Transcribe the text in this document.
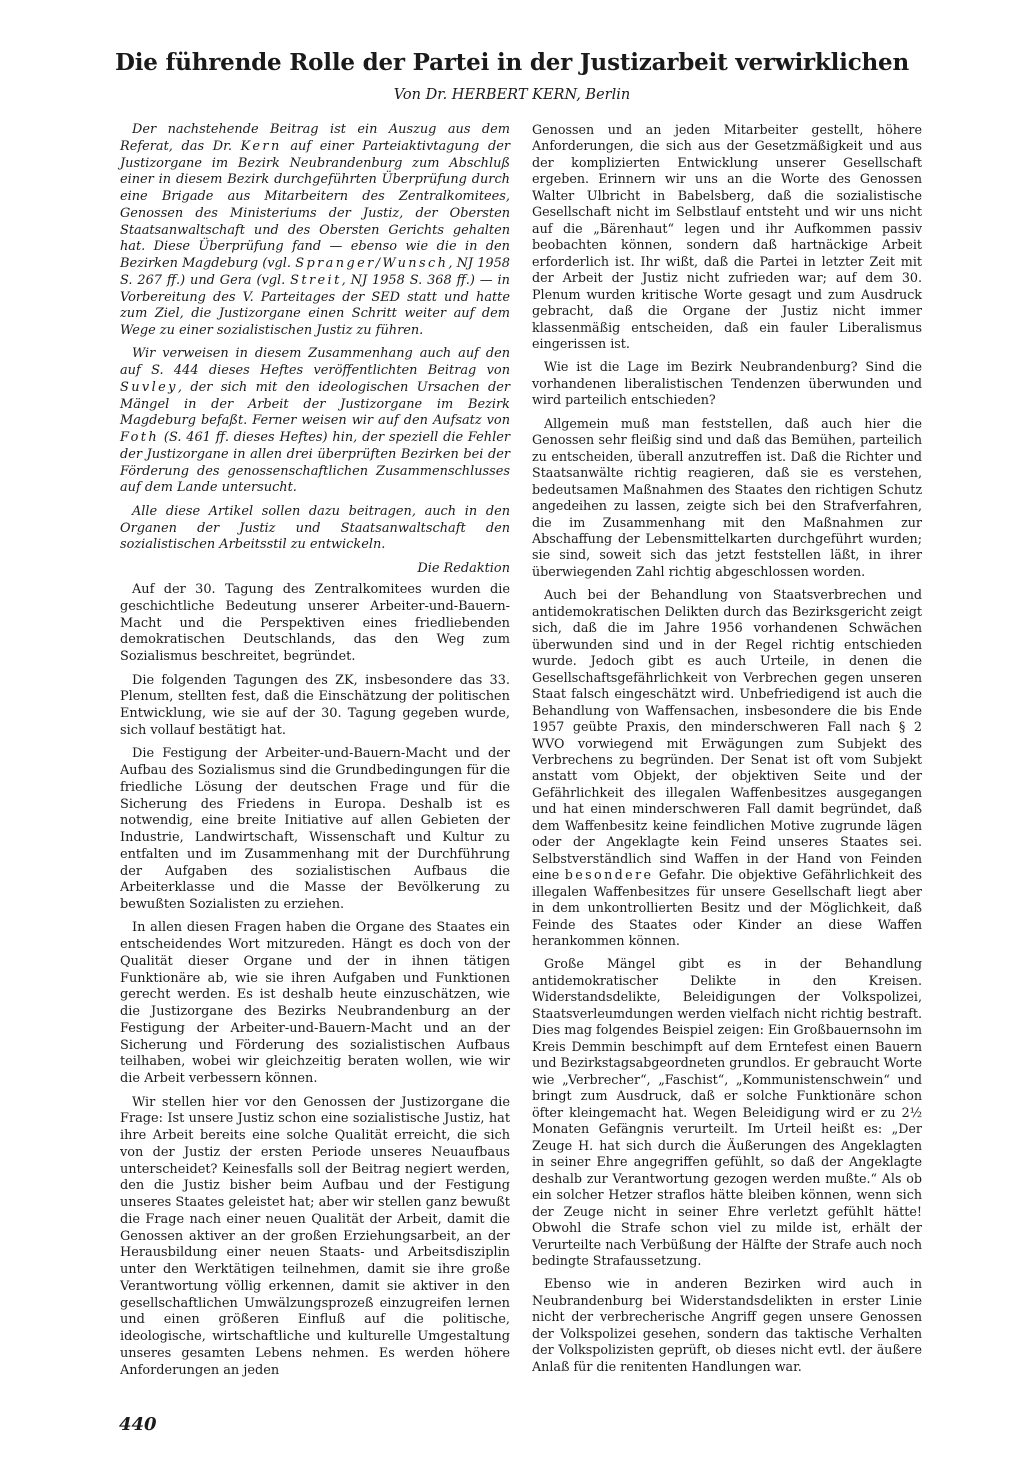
Die führende Rolle der Partei in der Justizarbeit verwirklichen
Von Dr. HERBERT KERN, Berlin

Der nachstehende Beitrag ist ein Auszug aus dem Referat, das Dr. Kern auf einer Parteiaktivtagung der Justizorgane im Bezirk Neubrandenburg zum Abschluß einer in diesem Bezirk durchgeführten Überprüfung durch eine Brigade aus Mitarbeitern des Zentralkomitees, Genossen des Ministeriums der Justiz, der Obersten Staatsanwaltschaft und des Obersten Gerichts gehalten hat. Diese Überprüfung fand — ebenso wie die in den Bezirken Magdeburg (vgl. Spranger/Wunsch, NJ 1958 S. 267 ff.) und Gera (vgl. Streit, NJ 1958 S. 368 ff.) — in Vorbereitung des V. Parteitages der SED statt und hatte zum Ziel, die Justizorgane einen Schritt weiter auf dem Wege zu einer sozialistischen Justiz zu führen.

Wir verweisen in diesem Zusammenhang auch auf den auf S. 444 dieses Heftes veröffentlichten Beitrag von Suvley, der sich mit den ideologischen Ursachen der Mängel in der Arbeit der Justizorgane im Bezirk Magdeburg befaßt. Ferner weisen wir auf den Aufsatz von Foth (S. 461 ff. dieses Heftes) hin, der speziell die Fehler der Justizorgane in allen drei überprüften Bezirken bei der Förderung des genossenschaftlichen Zusammenschlusses auf dem Lande untersucht.

Alle diese Artikel sollen dazu beitragen, auch in den Organen der Justiz und Staatsanwaltschaft den sozialistischen Arbeitsstil zu entwickeln.

Die Redaktion

Auf der 30. Tagung des Zentralkomitees wurden die geschichtliche Bedeutung unserer Arbeiter-und-Bauern-Macht und die Perspektiven eines friedliebenden demokratischen Deutschlands, das den Weg zum Sozialismus beschreitet, begründet.

Die folgenden Tagungen des ZK, insbesondere das 33. Plenum, stellten fest, daß die Einschätzung der politischen Entwicklung, wie sie auf der 30. Tagung gegeben wurde, sich vollauf bestätigt hat.

Die Festigung der Arbeiter-und-Bauern-Macht und der Aufbau des Sozialismus sind die Grundbedingungen für die friedliche Lösung der deutschen Frage und für die Sicherung des Friedens in Europa. Deshalb ist es notwendig, eine breite Initiative auf allen Gebieten der Industrie, Landwirtschaft, Wissenschaft und Kultur zu entfalten und im Zusammenhang mit der Durchführung der Aufgaben des sozialistischen Aufbaus die Arbeiterklasse und die Masse der Bevölkerung zu bewußten Sozialisten zu erziehen.

In allen diesen Fragen haben die Organe des Staates ein entscheidendes Wort mitzureden. Hängt es doch von der Qualität dieser Organe und der in ihnen tätigen Funktionäre ab, wie sie ihren Aufgaben und Funktionen gerecht werden. Es ist deshalb heute einzuschätzen, wie die Justizorgane des Bezirks Neubrandenburg an der Festigung der Arbeiter-und-Bauern-Macht und an der Sicherung und Förderung des sozialistischen Aufbaus teilhaben, wobei wir gleichzeitig beraten wollen, wie wir die Arbeit verbessern können.

Wir stellen hier vor den Genossen der Justizorgane die Frage: Ist unsere Justiz schon eine sozialistische Justiz, hat ihre Arbeit bereits eine solche Qualität erreicht, die sich von der Justiz der ersten Periode unseres Neuaufbaus unterscheidet? Keinesfalls soll der Beitrag negiert werden, den die Justiz bisher beim Aufbau und der Festigung unseres Staates geleistet hat; aber wir stellen ganz bewußt die Frage nach einer neuen Qualität der Arbeit, damit die Genossen aktiver an der großen Erziehungsarbeit, an der Herausbildung einer neuen Staats- und Arbeitsdisziplin unter den Werktätigen teilnehmen, damit sie ihre große Verantwortung völlig erkennen, damit sie aktiver in den gesellschaftlichen Umwälzungsprozeß einzugreifen lernen und einen größeren Einfluß auf die politische, ideologische, wirtschaftliche und kulturelle Umgestaltung unseres gesamten Lebens nehmen. Es werden höhere Anforderungen an jeden

Genossen und an jeden Mitarbeiter gestellt, höhere Anforderungen, die sich aus der Gesetzmäßigkeit und aus der komplizierten Entwicklung unserer Gesellschaft ergeben. Erinnern wir uns an die Worte des Genossen Walter Ulbricht in Babelsberg, daß die sozialistische Gesellschaft nicht im Selbstlauf entsteht und wir uns nicht auf die „Bärenhaut“ legen und ihr Aufkommen passiv beobachten können, sondern daß hartnäckige Arbeit erforderlich ist. Ihr wißt, daß die Partei in letzter Zeit mit der Arbeit der Justiz nicht zufrieden war; auf dem 30. Plenum wurden kritische Worte gesagt und zum Ausdruck gebracht, daß die Organe der Justiz nicht immer klassenmäßig entscheiden, daß ein fauler Liberalismus eingerissen ist.

Wie ist die Lage im Bezirk Neubrandenburg? Sind die vorhandenen liberalistischen Tendenzen überwunden und wird parteilich entschieden?

Allgemein muß man feststellen, daß auch hier die Genossen sehr fleißig sind und daß das Bemühen, parteilich zu entscheiden, überall anzutreffen ist. Daß die Richter und Staatsanwälte richtig reagieren, daß sie es verstehen, bedeutsamen Maßnahmen des Staates den richtigen Schutz angedeihen zu lassen, zeigte sich bei den Strafverfahren, die im Zusammenhang mit den Maßnahmen zur Abschaffung der Lebensmittelkarten durchgeführt wurden; sie sind, soweit sich das jetzt feststellen läßt, in ihrer überwiegenden Zahl richtig abgeschlossen worden.

Auch bei der Behandlung von Staatsverbrechen und antidemokratischen Delikten durch das Bezirksgericht zeigt sich, daß die im Jahre 1956 vorhandenen Schwächen überwunden sind und in der Regel richtig entschieden wurde. Jedoch gibt es auch Urteile, in denen die Gesellschaftsgefährlichkeit von Verbrechen gegen unseren Staat falsch eingeschätzt wird. Unbefriedigend ist auch die Behandlung von Waffensachen, insbesondere die bis Ende 1957 geübte Praxis, den minderschweren Fall nach § 2 WVO vorwiegend mit Erwägungen zum Subjekt des Verbrechens zu begründen. Der Senat ist oft vom Subjekt anstatt vom Objekt, der objektiven Seite und der Gefährlichkeit des illegalen Waffenbesitzes ausgegangen und hat einen minderschweren Fall damit begründet, daß dem Waffenbesitz keine feindlichen Motive zugrunde lägen oder der Angeklagte kein Feind unseres Staates sei. Selbstverständlich sind Waffen in der Hand von Feinden eine besondere Gefahr. Die objektive Gefährlichkeit des illegalen Waffenbesitzes für unsere Gesellschaft liegt aber in dem unkontrollierten Besitz und der Möglichkeit, daß Feinde des Staates oder Kinder an diese Waffen herankommen können.

Große Mängel gibt es in der Behandlung antidemokratischer Delikte in den Kreisen. Widerstandsdelikte, Beleidigungen der Volkspolizei, Staatsverleumdungen werden vielfach nicht richtig bestraft. Dies mag folgendes Beispiel zeigen: Ein Großbauernsohn im Kreis Demmin beschimpft auf dem Erntefest einen Bauern und Bezirkstagsabgeordneten grundlos. Er gebraucht Worte wie „Verbrecher“, „Faschist“, „Kommunistenschwein“ und bringt zum Ausdruck, daß er solche Funktionäre schon öfter kleingemacht hat. Wegen Beleidigung wird er zu 2½ Monaten Gefängnis verurteilt. Im Urteil heißt es: „Der Zeuge H. hat sich durch die Äußerungen des Angeklagten in seiner Ehre angegriffen gefühlt, so daß der Angeklagte deshalb zur Verantwortung gezogen werden mußte.“ Als ob ein solcher Hetzer straflos hätte bleiben können, wenn sich der Zeuge nicht in seiner Ehre verletzt gefühlt hätte! Obwohl die Strafe schon viel zu milde ist, erhält der Verurteilte nach Verbüßung der Hälfte der Strafe auch noch bedingte Strafaussetzung.

Ebenso wie in anderen Bezirken wird auch in Neubrandenburg bei Widerstandsdelikten in erster Linie nicht der verbrecherische Angriff gegen unsere Genossen der Volkspolizei gesehen, sondern das taktische Verhalten der Volkspolizisten geprüft, ob dieses nicht evtl. der äußere Anlaß für die renitenten Handlungen war.

440
